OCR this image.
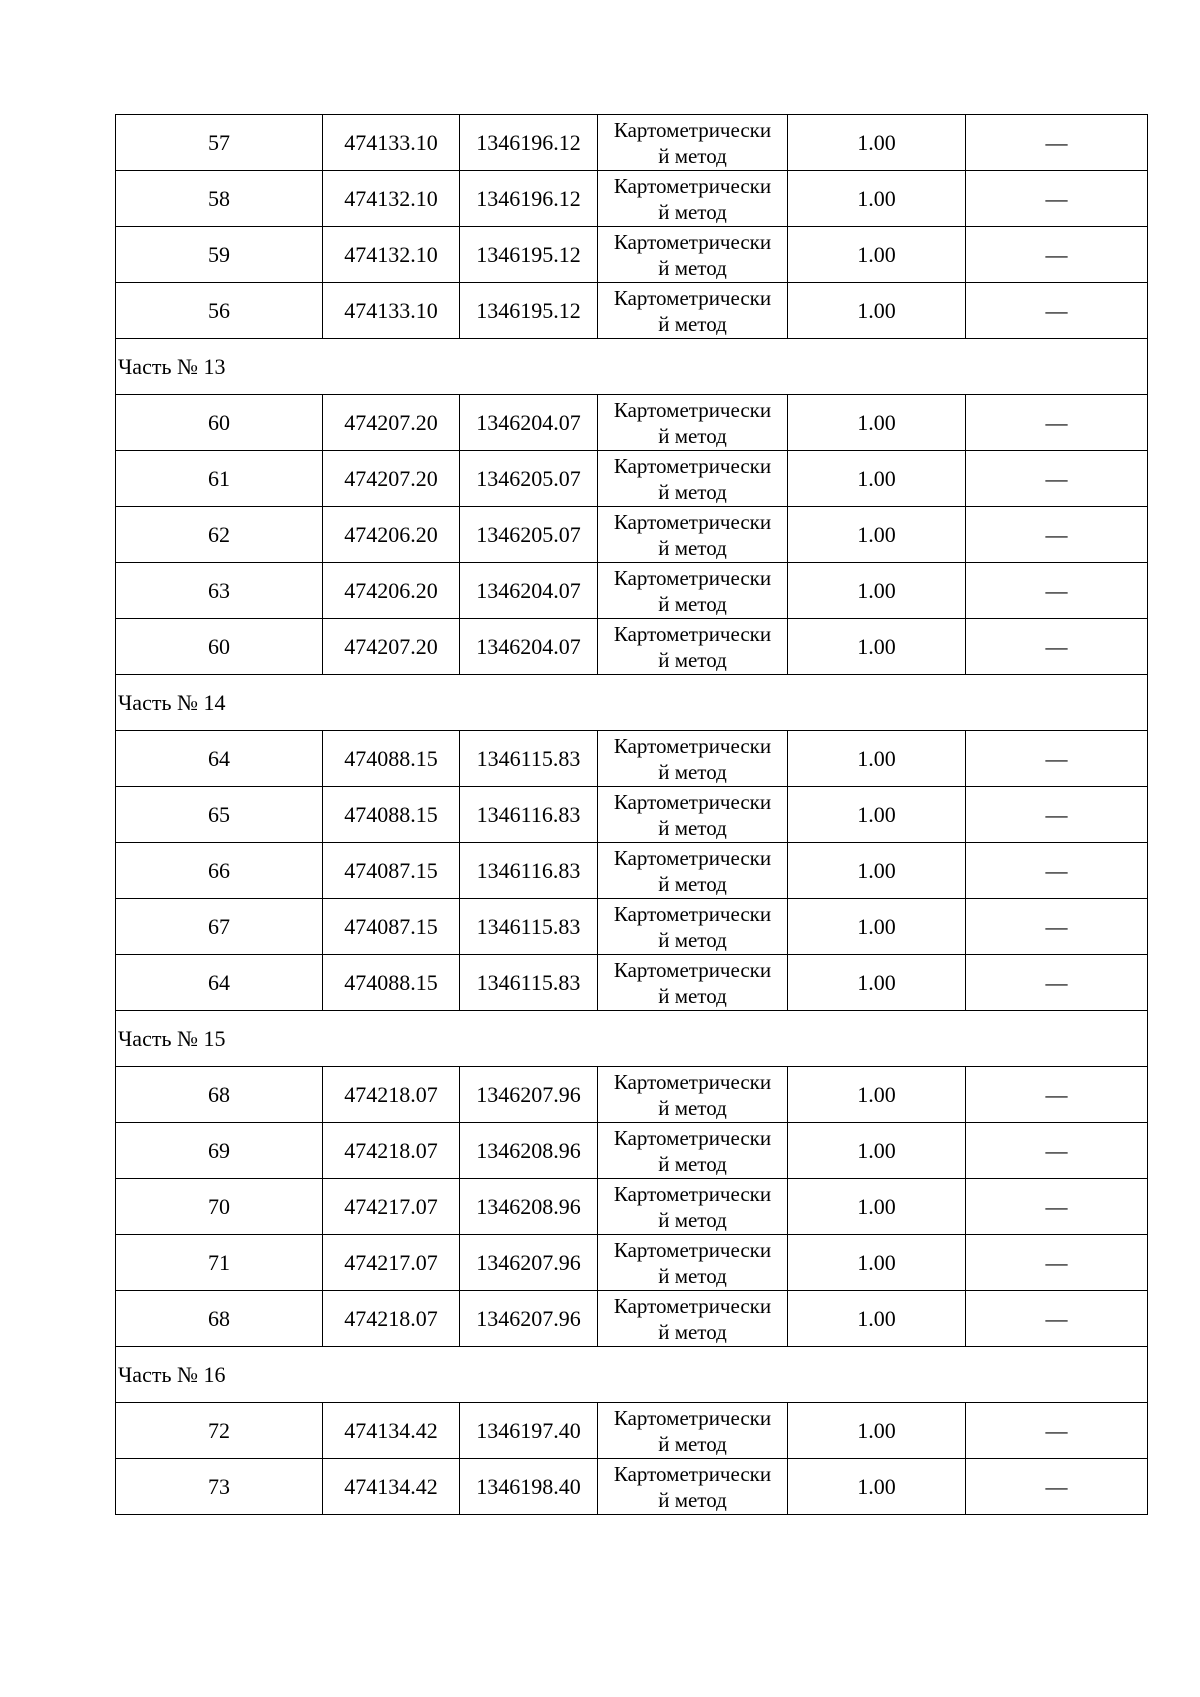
57	474133.10	1346196.12	Картометрически
й метод	1.00	—
58	474132.10	1346196.12	Картометрически
й метод	1.00	—
59	474132.10	1346195.12	Картометрически
й метод	1.00	—
56	474133.10	1346195.12	Картометрически
й метод	1.00	—
Часть № 13					
60	474207.20	1346204.07	Картометрически
й метод	1.00	—
61	474207.20	1346205.07	Картометрически
й метод	1.00	—
62	474206.20	1346205.07	Картометрически
й метод	1.00	—
63	474206.20	1346204.07	Картометрически
й метод	1.00	—
60	474207.20	1346204.07	Картометрически
й метод	1.00	—
Часть № 14					
64	474088.15	1346115.83	Картометрически
й метод	1.00	—
65	474088.15	1346116.83	Картометрически
й метод	1.00	—
66	474087.15	1346116.83	Картометрически
й метод	1.00	—
67	474087.15	1346115.83	Картометрически
й метод	1.00	—
64	474088.15	1346115.83	Картометрически
й метод	1.00	—
Часть № 15					
68	474218.07	1346207.96	Картометрически
й метод	1.00	—
69	474218.07	1346208.96	Картометрически
й метод	1.00	—
70	474217.07	1346208.96	Картометрически
й метод	1.00	—
71	474217.07	1346207.96	Картометрически
й метод	1.00	—
68	474218.07	1346207.96	Картометрически
й метод	1.00	—
Часть № 16					
72	474134.42	1346197.40	Картометрически
й метод	1.00	—
73	474134.42	1346198.40	Картометрически
й метод	1.00	—
